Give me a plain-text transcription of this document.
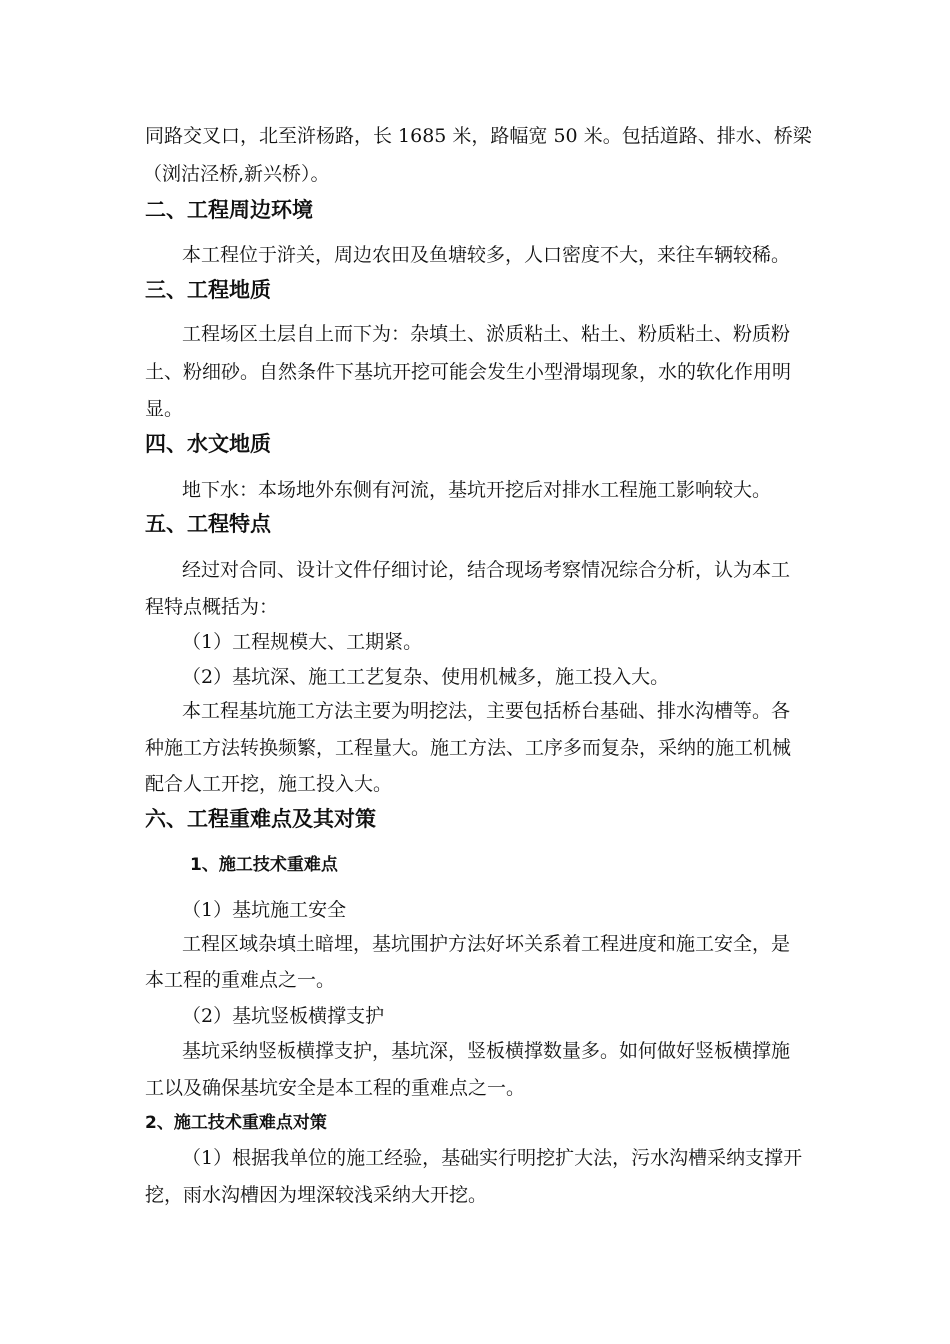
同路交叉口，北至浒杨路，长 1685 米，路幅宽 50 米。包括道路、排水、桥梁
（浏沽泾桥,新兴桥）。
二、工程周边环境
本工程位于浒关，周边农田及鱼塘较多，人口密度不大，来往车辆较稀。
三、工程地质
工程场区土层自上而下为：杂填土、淤质粘土、粘土、粉质粘土、粉质粉
土、粉细砂。自然条件下基坑开挖可能会发生小型滑塌现象，水的软化作用明
显。
四、水文地质
地下水：本场地外东侧有河流，基坑开挖后对排水工程施工影响较大。
五、工程特点
经过对合同、设计文件仔细讨论，结合现场考察情况综合分析，认为本工
程特点概括为：
（1）工程规模大、工期紧。
（2）基坑深、施工工艺复杂、使用机械多，施工投入大。
本工程基坑施工方法主要为明挖法，主要包括桥台基础、排水沟槽等。各
种施工方法转换频繁，工程量大。施工方法、工序多而复杂，采纳的施工机械
配合人工开挖，施工投入大。
六、工程重难点及其对策
1、施工技术重难点
（1）基坑施工安全
工程区域杂填土暗埋，基坑围护方法好坏关系着工程进度和施工安全，是
本工程的重难点之一。
（2）基坑竖板横撑支护
基坑采纳竖板横撑支护，基坑深，竖板横撑数量多。如何做好竖板横撑施
工以及确保基坑安全是本工程的重难点之一。
2、施工技术重难点对策
（1）根据我单位的施工经验，基础实行明挖扩大法，污水沟槽采纳支撑开
挖，雨水沟槽因为埋深较浅采纳大开挖。
